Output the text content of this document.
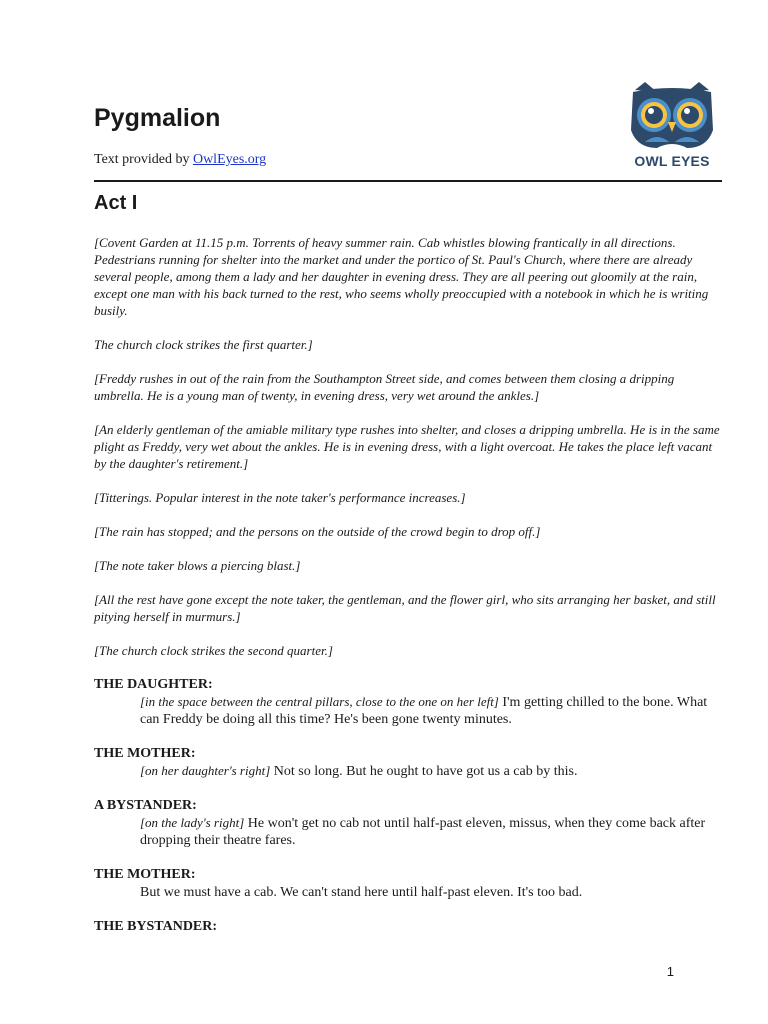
Pygmalion
Text provided by OwlEyes.org	OWL EYES
Act I

[Covent Garden at 11.15 p.m. Torrents of heavy summer rain. Cab whistles blowing frantically in all directions. Pedestrians running for shelter into the market and under the portico of St. Paul's Church, where there are already several people, among them a lady and her daughter in evening dress. They are all peering out gloomily at the rain, except one man with his back turned to the rest, who seems wholly preoccupied with a notebook in which he is writing busily.

The church clock strikes the first quarter.]

[Freddy rushes in out of the rain from the Southampton Street side, and comes between them closing a dripping umbrella. He is a young man of twenty, in evening dress, very wet around the ankles.]

[An elderly gentleman of the amiable military type rushes into shelter, and closes a dripping umbrella. He is in the same plight as Freddy, very wet about the ankles. He is in evening dress, with a light overcoat. He takes the place left vacant by the daughter's retirement.]

[Titterings. Popular interest in the note taker's performance increases.]

[The rain has stopped; and the persons on the outside of the crowd begin to drop off.]

[The note taker blows a piercing blast.]

[All the rest have gone except the note taker, the gentleman, and the flower girl, who sits arranging her basket, and still pitying herself in murmurs.]

[The church clock strikes the second quarter.]

THE DAUGHTER:
[in the space between the central pillars, close to the one on her left] I'm getting chilled to the bone. What can Freddy be doing all this time? He's been gone twenty minutes.
THE MOTHER:
[on her daughter's right] Not so long. But he ought to have got us a cab by this.
A BYSTANDER:
[on the lady's right] He won't get no cab not until half-past eleven, missus, when they come back after dropping their theatre fares.
THE MOTHER:
But we must have a cab. We can't stand here until half-past eleven. It's too bad.
THE BYSTANDER:
1
